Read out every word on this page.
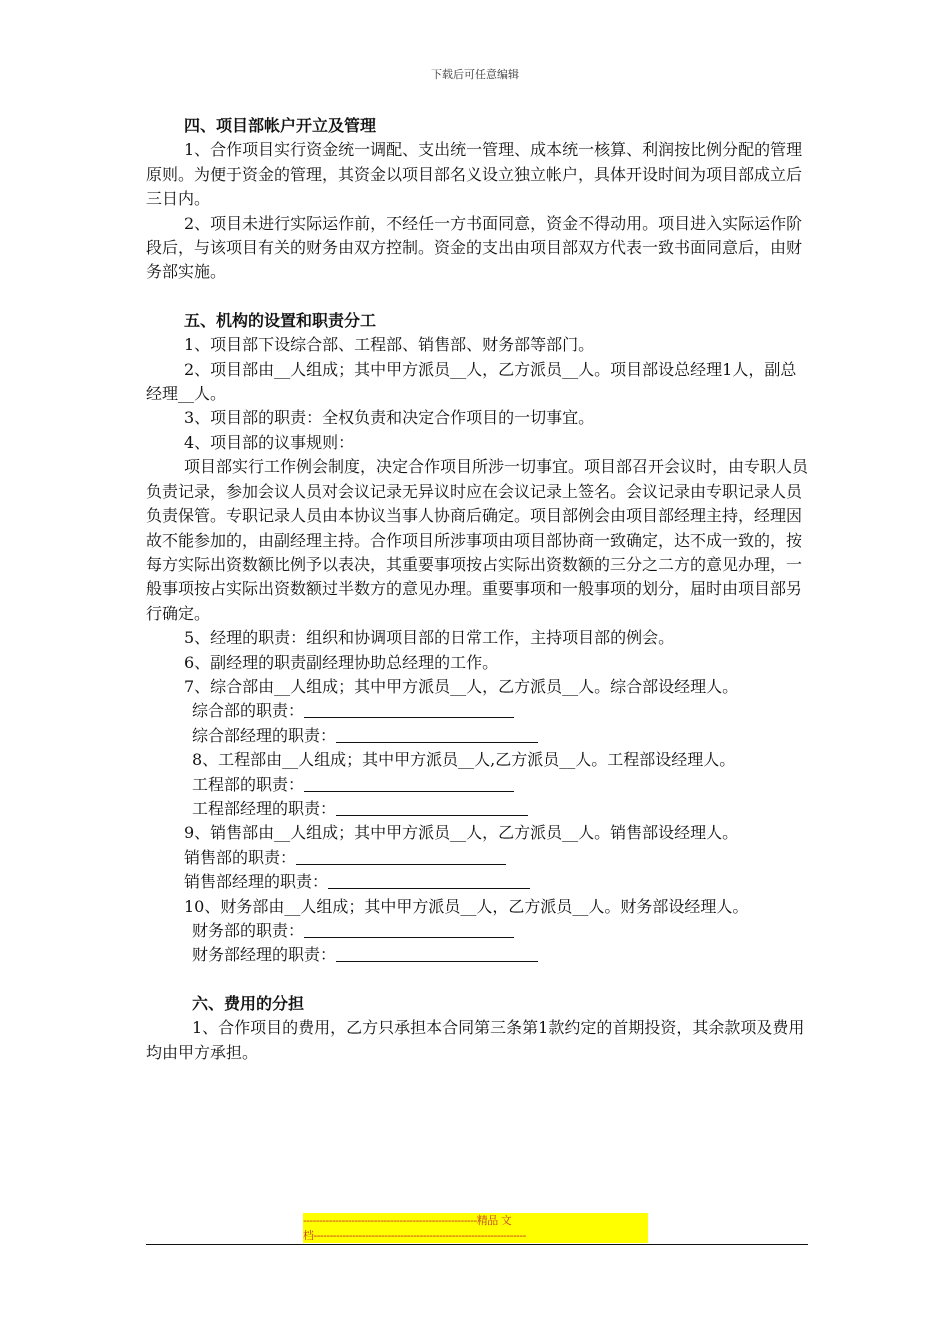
下载后可任意编辑

四、项目部帐户开立及管理

1、合作项目实行资金统一调配、支出统一管理、成本统一核算、利润按比例分配的管理原则。为便于资金的管理，其资金以项目部名义设立独立帐户，具体开设时间为项目部成立后三日内。

2、项目未进行实际运作前，不经任一方书面同意，资金不得动用。项目进入实际运作阶段后，与该项目有关的财务由双方控制。资金的支出由项目部双方代表一致书面同意后，由财务部实施。

五、机构的设置和职责分工

1、项目部下设综合部、工程部、销售部、财务部等部门。

2、项目部由__人组成；其中甲方派员__人，乙方派员__人。项目部设总经理1人，副总经理__人。

3、项目部的职责：全权负责和决定合作项目的一切事宜。

4、项目部的议事规则：

项目部实行工作例会制度，决定合作项目所涉一切事宜。项目部召开会议时，由专职人员负责记录，参加会议人员对会议记录无异议时应在会议记录上签名。会议记录由专职记录人员负责保管。专职记录人员由本协议当事人协商后确定。项目部例会由项目部经理主持，经理因故不能参加的，由副经理主持。合作项目所涉事项由项目部协商一致确定，达不成一致的，按每方实际出资数额比例予以表决，其重要事项按占实际出资数额的三分之二方的意见办理，一般事项按占实际出资数额过半数方的意见办理。重要事项和一般事项的划分，届时由项目部另行确定。

5、经理的职责：组织和协调项目部的日常工作，主持项目部的例会。

6、副经理的职责副经理协助总经理的工作。

7、综合部由__人组成；其中甲方派员__人，乙方派员__人。综合部设经理人。

综合部的职责：

综合部经理的职责：

8、工程部由__人组成；其中甲方派员__人,乙方派员__人。工程部设经理人。

工程部的职责：

工程部经理的职责：

9、销售部由__人组成；其中甲方派员__人，乙方派员__人。销售部设经理人。

销售部的职责：

销售部经理的职责：

10、财务部由__人组成；其中甲方派员__人，乙方派员__人。财务部设经理人。

财务部的职责：

财务部经理的职责：

六、费用的分担

1、合作项目的费用，乙方只承担本合同第三条第1款约定的首期投资，其余款项及费用均由甲方承担。

------------------------------------------------------精品 文
档------------------------------------------------------------------
